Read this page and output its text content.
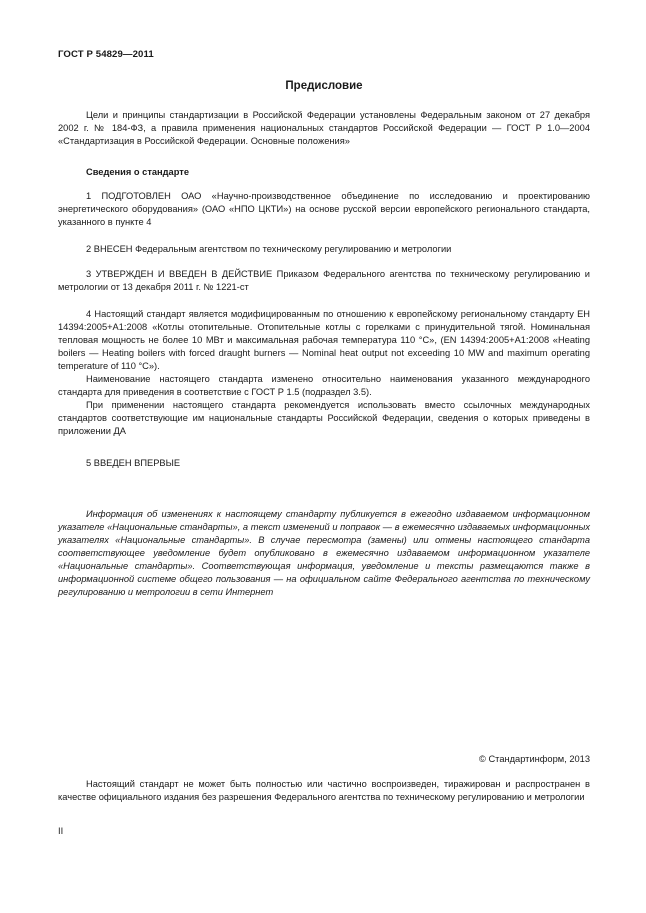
ГОСТ Р 54829—2011
Предисловие

Цели и принципы стандартизации в Российской Федерации установлены Федеральным законом от 27 декабря 2002 г. № 184-ФЗ, а правила применения национальных стандартов Российской Федерации — ГОСТ Р 1.0—2004 «Стандартизация в Российской Федерации. Основные положения»

Сведения о стандарте

1 ПОДГОТОВЛЕН ОАО «Научно-производственное объединение по исследованию и проектированию энергетического оборудования» (ОАО «НПО ЦКТИ») на основе русской версии европейского регионального стандарта, указанного в пункте 4

2 ВНЕСЕН Федеральным агентством по техническому регулированию и метрологии

3 УТВЕРЖДЕН И ВВЕДЕН В ДЕЙСТВИЕ Приказом Федерального агентства по техническому регулированию и метрологии от 13 декабря 2011 г. № 1221-ст

4 Настоящий стандарт является модифицированным по отношению к европейскому региональному стандарту ЕН 14394:2005+А1:2008 «Котлы отопительные. Отопительные котлы с горелками с принудительной тягой. Номинальная тепловая мощность не более 10 МВт и максимальная рабочая температура 110 °С», (EN 14394:2005+A1:2008 «Heating boilers — Heating boilers with forced draught burners — Nominal heat output not exceeding 10 MW and maximum operating temperature of 110 °С»).

Наименование настоящего стандарта изменено относительно наименования указанного международного стандарта для приведения в соответствие с ГОСТ Р 1.5 (подраздел 3.5).

При применении настоящего стандарта рекомендуется использовать вместо ссылочных международных стандартов соответствующие им национальные стандарты Российской Федерации, сведения о которых приведены в приложении ДА

5 ВВЕДЕН ВПЕРВЫЕ

Информация об изменениях к настоящему стандарту публикуется в ежегодно издаваемом информационном указателе «Национальные стандарты», а текст изменений и поправок — в ежемесячно издаваемых информационных указателях «Национальные стандарты». В случае пересмотра (замены) или отмены настоящего стандарта соответствующее уведомление будет опубликовано в ежемесячно издаваемом информационном указателе «Национальные стандарты». Соответствующая информация, уведомление и тексты размещаются также в информационной системе общего пользования — на официальном сайте Федерального агентства по техническому регулированию и метрологии в сети Интернет

© Стандартинформ, 2013

Настоящий стандарт не может быть полностью или частично воспроизведен, тиражирован и распространен в качестве официального издания без разрешения Федерального агентства по техническому регулированию и метрологии

II
